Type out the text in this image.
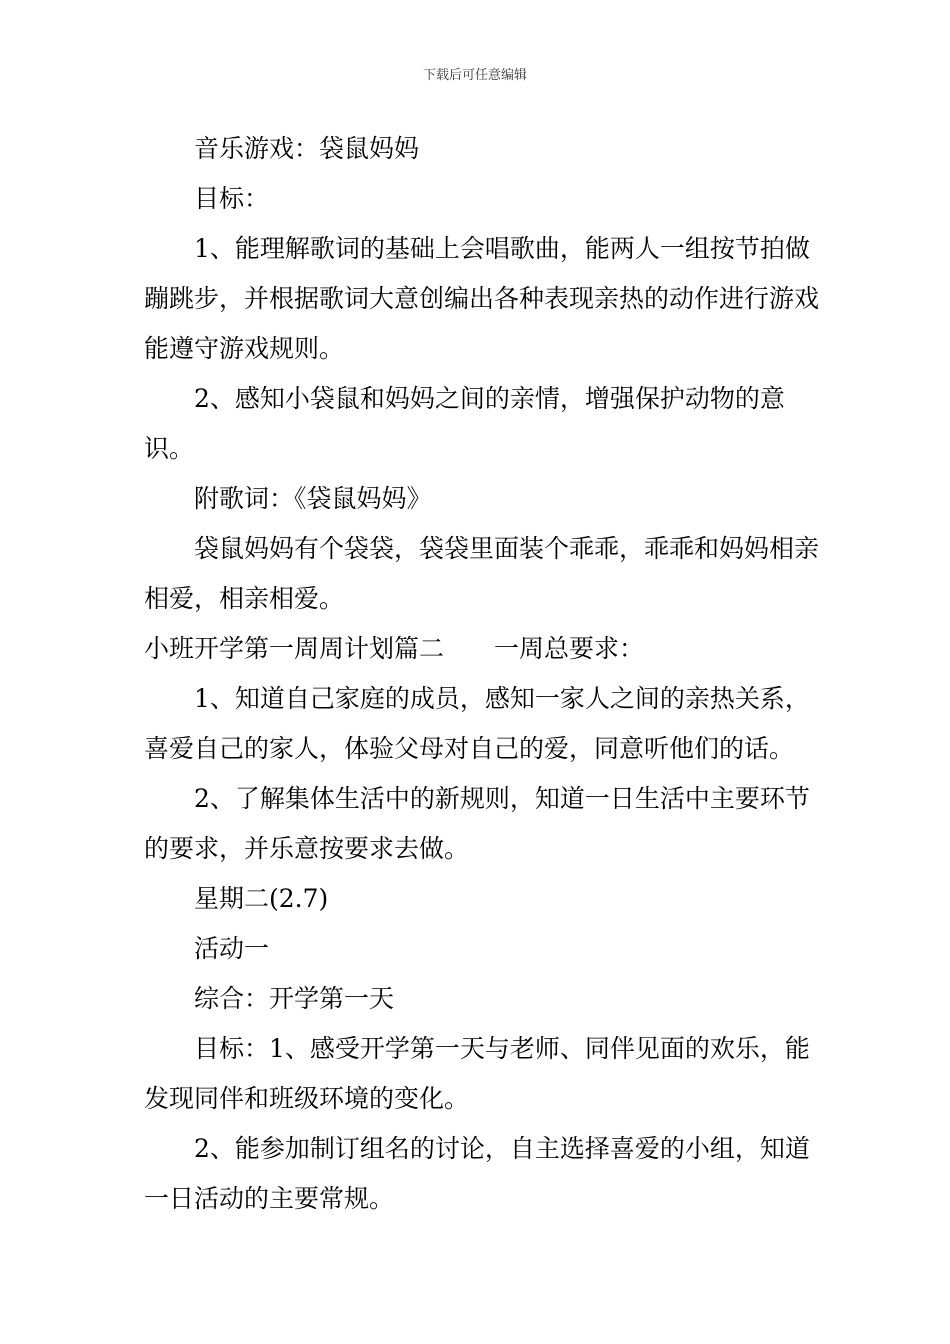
下载后可任意编辑

音乐游戏：袋鼠妈妈

目标：

1、能理解歌词的基础上会唱歌曲，能两人一组按节拍做蹦跳步，并根据歌词大意创编出各种表现亲热的动作进行游戏能遵守游戏规则。

2、感知小袋鼠和妈妈之间的亲情，增强保护动物的意识。

附歌词：《袋鼠妈妈》

袋鼠妈妈有个袋袋，袋袋里面装个乖乖，乖乖和妈妈相亲相爱，相亲相爱。

小班开学第一周周计划篇二　　一周总要求：

1、知道自己家庭的成员，感知一家人之间的亲热关系，喜爱自己的家人，体验父母对自己的爱，同意听他们的话。

2、了解集体生活中的新规则，知道一日生活中主要环节的要求，并乐意按要求去做。

星期二(2.7)

活动一

综合：开学第一天

目标：1、感受开学第一天与老师、同伴见面的欢乐，能发现同伴和班级环境的变化。

2、能参加制订组名的讨论，自主选择喜爱的小组，知道一日活动的主要常规。
